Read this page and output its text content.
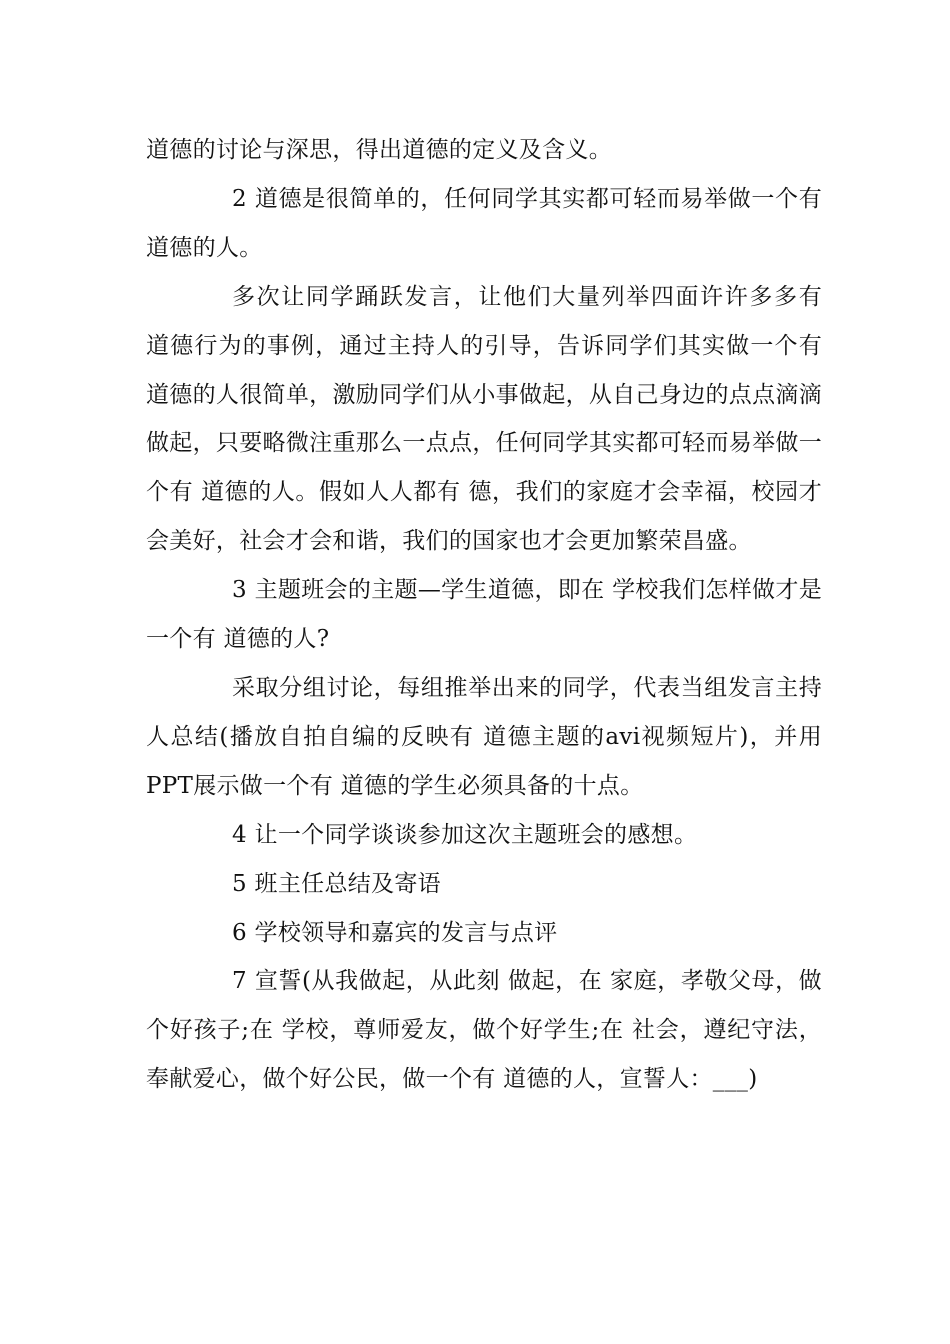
道德的讨论与深思，得出道德的定义及含义。

2 道德是很简单的，任何同学其实都可轻而易举做一个有 道德的人。

多次让同学踊跃发言，让他们大量列举四面许许多多有 道德行为的事例，通过主持人的引导，告诉同学们其实做一个有 道德的人很简单，激励同学们从小事做起，从自己身边的点点滴滴做起，只要略微注重那么一点点，任何同学其实都可轻而易举做一个有 道德的人。假如人人都有 德，我们的家庭才会幸福，校园才会美好，社会才会和谐，我们的国家也才会更加繁荣昌盛。

3 主题班会的主题—学生道德，即在 学校我们怎样做才是一个有 道德的人?

采取分组讨论，每组推举出来的同学，代表当组发言主持人总结(播放自拍自编的反映有 道德主题的avi视频短片)，并用PPT展示做一个有 道德的学生必须具备的十点。

4 让一个同学谈谈参加这次主题班会的感想。

5 班主任总结及寄语

6 学校领导和嘉宾的发言与点评

7 宣誓(从我做起，从此刻 做起，在 家庭，孝敬父母，做个好孩子;在 学校，尊师爱友，做个好学生;在 社会，遵纪守法，奉献爱心，做个好公民，做一个有 道德的人，宣誓人：___)
